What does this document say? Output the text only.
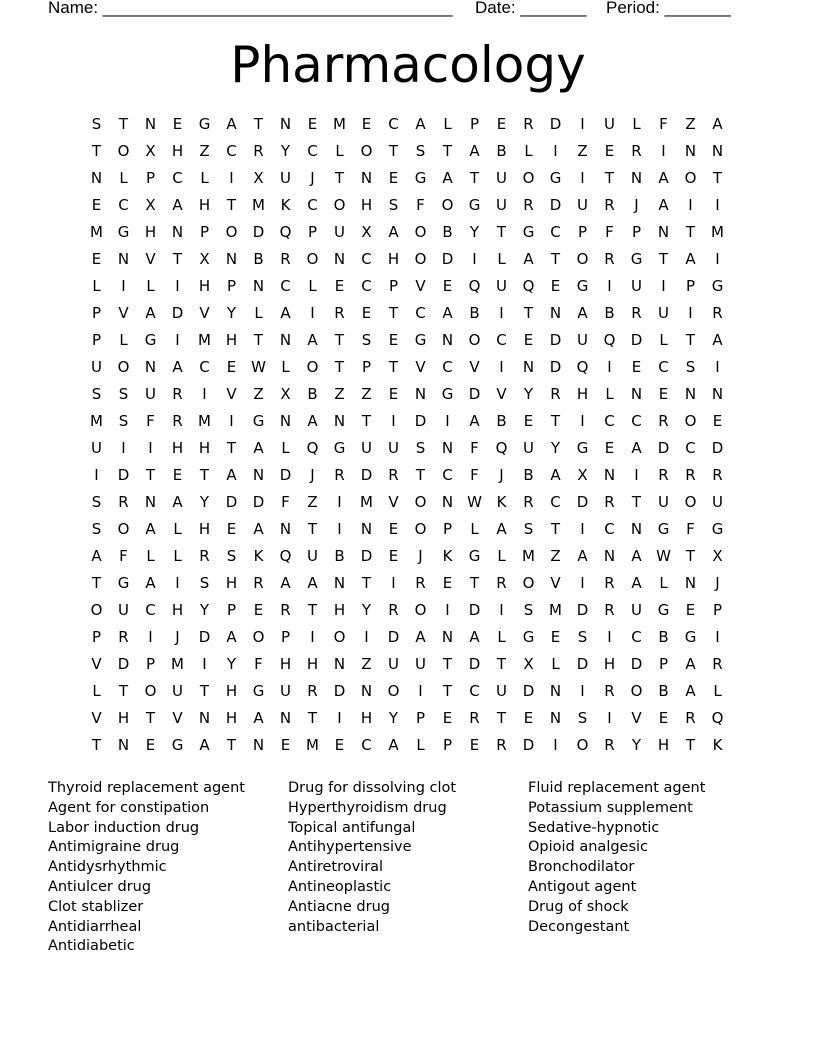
Name: _____________________________________ Date: _______ Period: _______
Pharmacology
S	T	N	E	G	A	T	N	E	M	E	C	A	L	P	E	R	D	I	U	L	F	Z	A
T	O	X	H	Z	C	R	Y	C	L	O	T	S	T	A	B	L	I	Z	E	R	I	N	N
N	L	P	C	L	I	X	U	J	T	N	E	G	A	T	U	O	G	I	T	N	A	O	T
E	C	X	A	H	T	M	K	C	O	H	S	F	O	G	U	R	D	U	R	J	A	I	I
M G	H	N	P	O	D	Q	P	U	X	A	O	B	Y	T	G	C	P	F	P	N	T	M
E	N	V	T	X	N	B	R	O	N	C	H	O	D	I	L	A	T	O	R	G	T	A	I
L	I	L	I	H	P	N	C	L	E	C	P	V	E	Q	U	Q	E	G	I	U	I	P	G
P	V	A	D	V	Y	L	A	I	R	E	T	C	A	B	I	T	N	A	B	R	U	I	R
P	L	G	I	M H	T	N	A	T	S	E	G	N	O	C	E	D	U	Q	D	L	T	A
U	O	N	A	C	E W	L	O	T	P	T	V	C	V	I	N	D	Q	I	E	C	S	I
S	S	U	R	I	V	Z	X	B	Z	Z	E	N	G	D	V	Y	R	H	L	N	E	N	N
M	S	F	R	M	I	G	N	A	N	T	I	D	I	A	B	E	T	I	C	C	R	O	E
U	I	I	H	H	T	A	L	Q	G	U	U	S	N	F	Q	U	Y	G	E	A	D	C	D
I	D	T	E	T	A	N	D	J	R	D	R	T	C	F	J	B	A	X	N	I	R	R	R
S	R	N	A	Y	D	D	F	Z	I	M	V	O	N W K	R	C	D	R	T	U	O	U
S	O	A	L	H	E	A	N	T	I	N	E	O	P	L	A	S	T	I	C	N	G	F	G
A	F	L	L	R	S	K	Q	U	B	D	E	J	K	G	L	M	Z	A	N	A W T	X
T	G	A	I	S	H	R	A	A	N	T	I	R	E	T	R	O	V	I	R	A	L	N	J
O	U	C	H	Y	P	E	R	T	H	Y	R	O	I	D	I	S	M D	R	U	G	E	P
P	R	I	J	D	A	O	P	I	O	I	D	A	N	A	L	G	E	S	I	C	B	G	I
V	D	P	M	I	Y	F	H	H	N	Z	U	U	T	D	T	X	L	D	H	D	P	A	R
L	T	O	U	T	H	G	U	R	D	N	O	I	T	C	U	D	N	I	R	O	B	A	L
V	H	T	V	N	H	A	N	T	I	H	Y	P	E	R	T	E	N	S	I	V	E	R	Q
T	N	E	G	A	T	N	E	M	E	C	A	L	P	E	R	D	I	O	R	Y	H	T	K
Thyroid replacement agent
Agent for constipation
Labor induction drug
Antimigraine drug
Antidysrhythmic
Antiulcer drug
Clot stablizer
Antidiarrheal
Antidiabetic
Drug for dissolving clot
Hyperthyroidism drug
Topical antifungal
Antihypertensive
Antiretroviral
Antineoplastic
Antiacne drug
antibacterial
Fluid replacement agent
Potassium supplement
Sedative-hypnotic
Opioid analgesic
Bronchodilator
Antigout agent
Drug of shock
Decongestant
